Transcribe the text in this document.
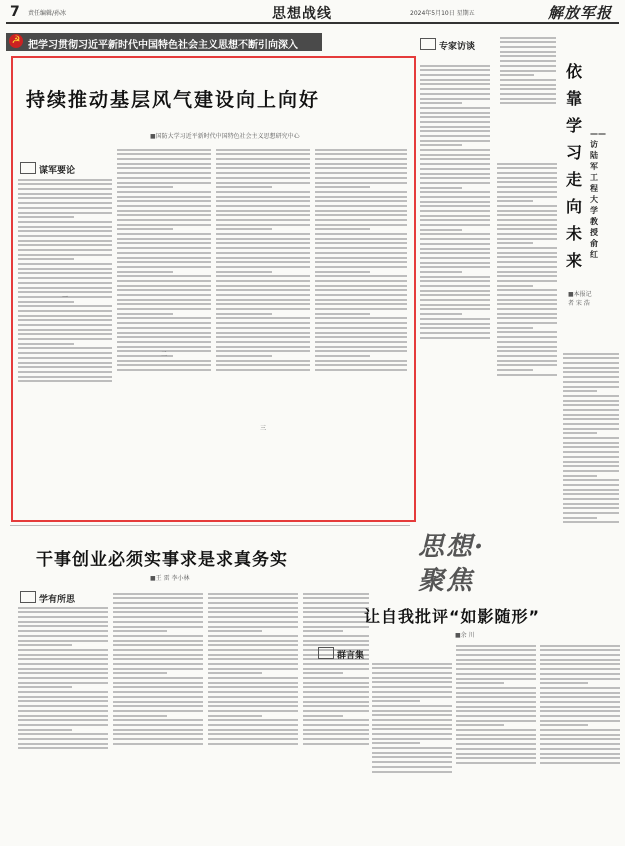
7 责任编辑/孙冰	思想战线	2024年5月10日 星期五	解放军报
☭ 把学习贯彻习近平新时代中国特色社会主义思想不断引向深入
持续推动基层风气建设向上向好
■国防大学习近平新时代中国特色社会主义思想研究中心
谋军要论
一
二
三
专家访谈
依靠学习走向未来
—— 访陆军工程大学教授俞红
■本报记者 宋 浩
干事创业必须实事求是求真务实
■王 雷 李小林
学有所思
思想·聚焦
让自我批评“如影随形”
■余 川
群言集
